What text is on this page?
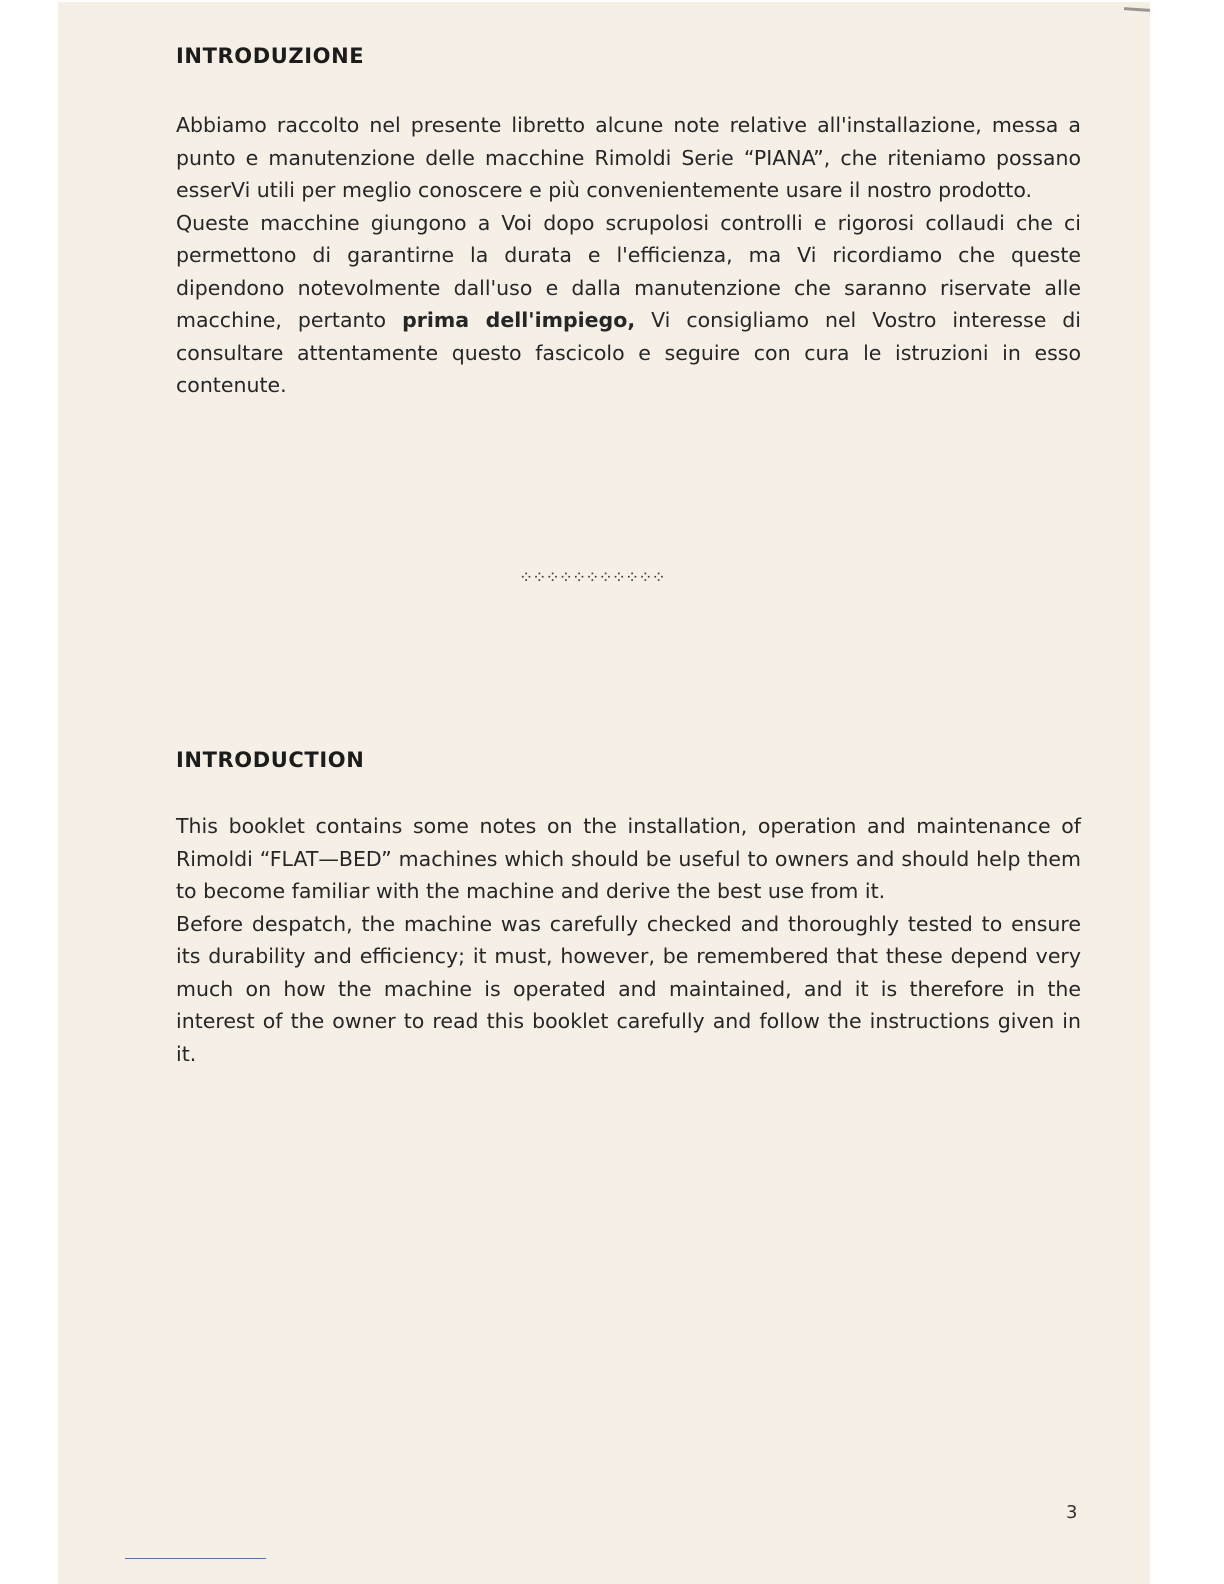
INTRODUZIONE

Abbiamo raccolto nel presente libretto alcune note relative all'installazione, messa a punto e manutenzione delle macchine Rimoldi Serie “PIANA”, che riteniamo possano esserVi utili per meglio conoscere e più convenientemente usare il nostro prodotto.

Queste macchine giungono a Voi dopo scrupolosi controlli e rigorosi collaudi che ci permettono di garantirne la durata e l'efficienza, ma Vi ricordiamo che queste dipendono notevolmente dall'uso e dalla manutenzione che saranno riservate alle macchine, pertanto prima dell'impiego, Vi consigliamo nel Vostro interesse di consultare attentamente questo fascicolo e seguire con cura le istruzioni in esso contenute.

⁘⁘⁘⁘⁘⁘⁘⁘⁘⁘⁘
INTRODUCTION

This booklet contains some notes on the installation, operation and maintenance of Rimoldi “FLAT—BED” machines which should be useful to owners and should help them to become familiar with the machine and derive the best use from it.

Before despatch, the machine was carefully checked and thoroughly tested to ensure its durability and efficiency; it must, however, be remembered that these depend very much on how the machine is operated and maintained, and it is therefore in the interest of the owner to read this booklet carefully and follow the instructions given in it.

3
